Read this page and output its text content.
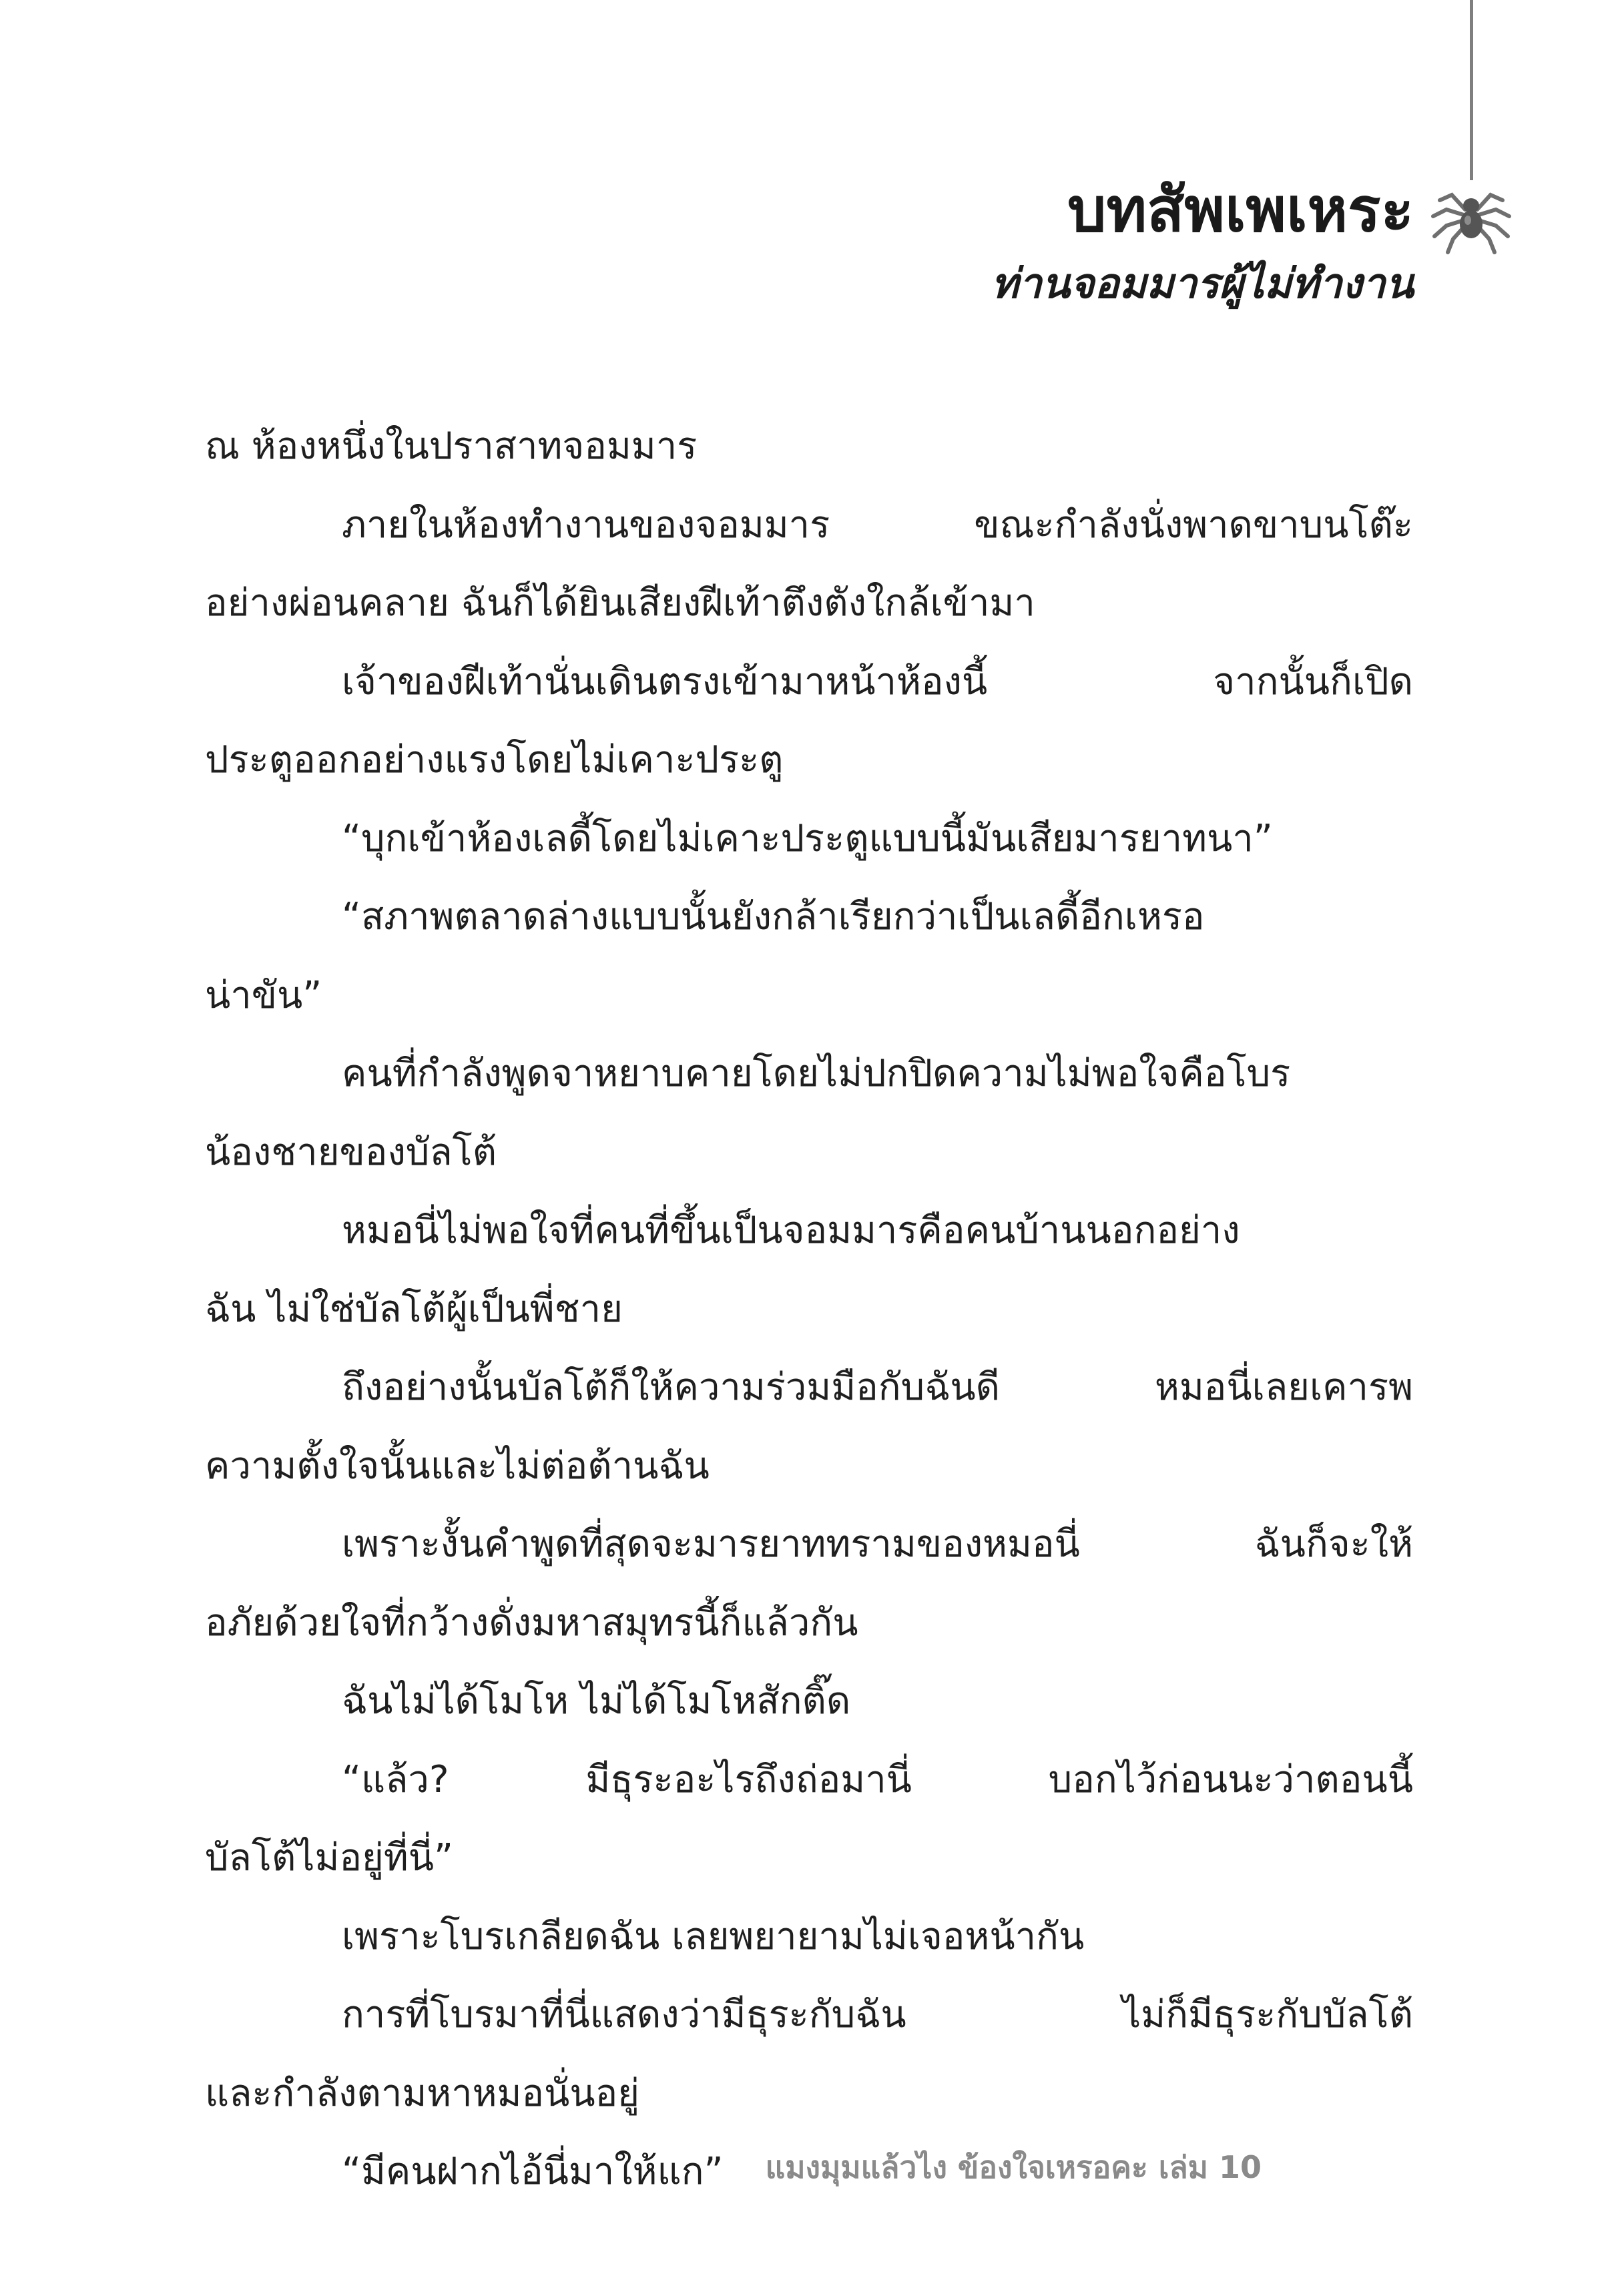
บทสัพเพเหระ
ท่านจอมมารผู้ไม่ทำงาน
ณ ห้องหนึ่งในปราสาทจอมมาร
ภายในห้องทำงานของจอมมาร ขณะกำลังนั่งพาดขาบนโต๊ะ
อย่างผ่อนคลาย ฉันก็ได้ยินเสียงฝีเท้าตึงตังใกล้เข้ามา
เจ้าของฝีเท้านั่นเดินตรงเข้ามาหน้าห้องนี้ จากนั้นก็เปิด
ประตูออกอย่างแรงโดยไม่เคาะประตู
“บุกเข้าห้องเลดี้โดยไม่เคาะประตูแบบนี้มันเสียมารยาทนา”
“สภาพตลาดล่างแบบนั้นยังกล้าเรียกว่าเป็นเลดี้อีกเหรอ
น่าขัน”
คนที่กำลังพูดจาหยาบคายโดยไม่ปกปิดความไม่พอใจคือโบร
น้องชายของบัลโต้
หมอนี่ไม่พอใจที่คนที่ขึ้นเป็นจอมมารคือคนบ้านนอกอย่าง
ฉัน ไม่ใช่บัลโต้ผู้เป็นพี่ชาย
ถึงอย่างนั้นบัลโต้ก็ให้ความร่วมมือกับฉันดี หมอนี่เลยเคารพ
ความตั้งใจนั้นและไม่ต่อต้านฉัน
เพราะงั้นคำพูดที่สุดจะมารยาททรามของหมอนี่ ฉันก็จะให้
อภัยด้วยใจที่กว้างดั่งมหาสมุทรนี้ก็แล้วกัน
ฉันไม่ได้โมโห ไม่ได้โมโหสักติ๊ด
“แล้ว? มีธุระอะไรถึงถ่อมานี่ บอกไว้ก่อนนะว่าตอนนี้
บัลโต้ไม่อยู่ที่นี่”
เพราะโบรเกลียดฉัน เลยพยายามไม่เจอหน้ากัน
การที่โบรมาที่นี่แสดงว่ามีธุระกับฉัน ไม่ก็มีธุระกับบัลโต้
และกำลังตามหาหมอนั่นอยู่
“มีคนฝากไอ้นี่มาให้แก”	แมงมุมแล้วไง ข้องใจเหรอคะ เล่ม 10
